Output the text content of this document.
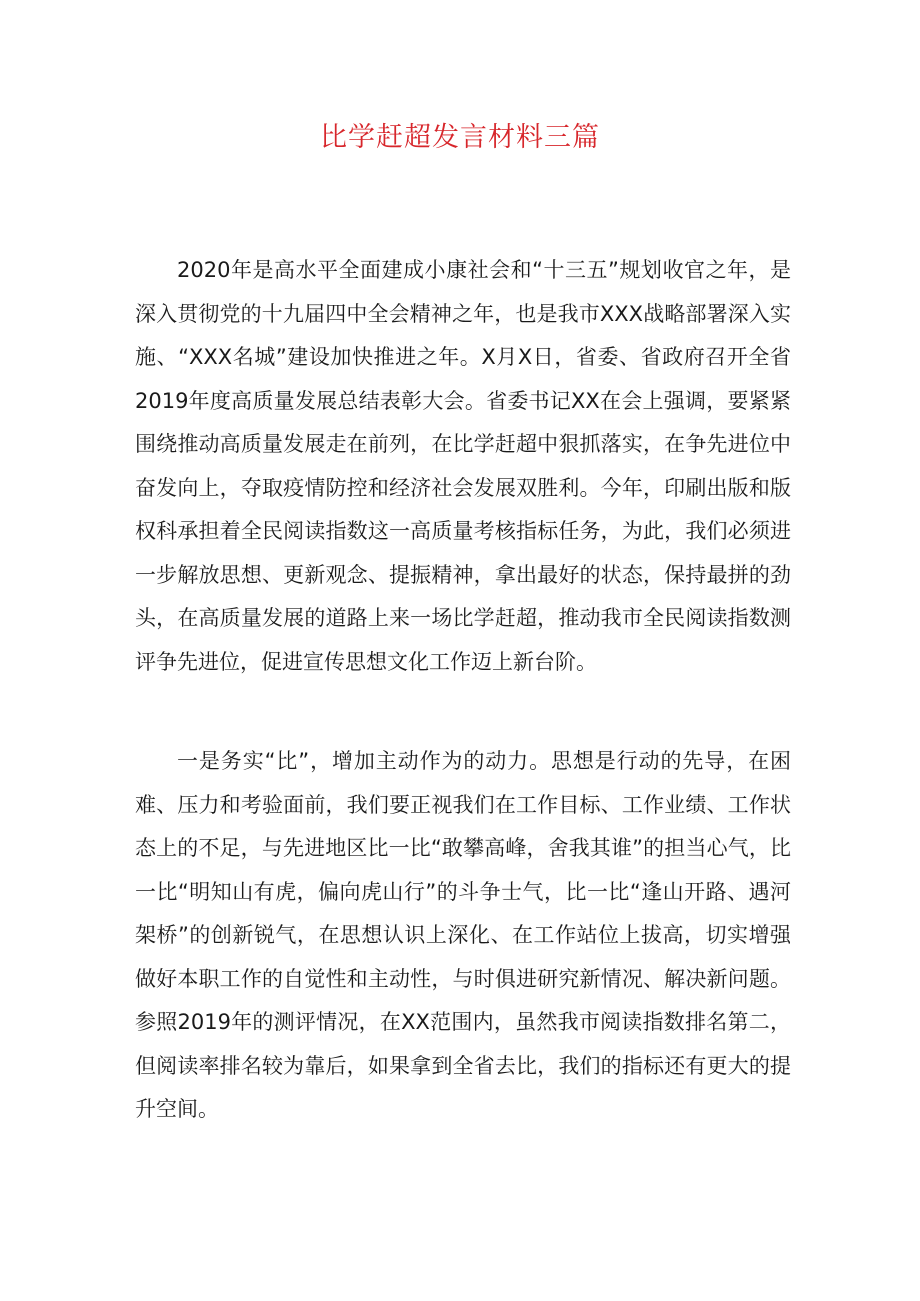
比学赶超发言材料三篇

2020年是高水平全面建成小康社会和“十三五”规划收官之年，是深入贯彻党的十九届四中全会精神之年，也是我市XXX战略部署深入实施、“XXX名城”建设加快推进之年。X月X日，省委、省政府召开全省2019年度高质量发展总结表彰大会。省委书记XX在会上强调，要紧紧围绕推动高质量发展走在前列，在比学赶超中狠抓落实，在争先进位中奋发向上，夺取疫情防控和经济社会发展双胜利。今年，印刷出版和版权科承担着全民阅读指数这一高质量考核指标任务，为此，我们必须进一步解放思想、更新观念、提振精神，拿出最好的状态，保持最拼的劲头，在高质量发展的道路上来一场比学赶超，推动我市全民阅读指数测评争先进位，促进宣传思想文化工作迈上新台阶。

一是务实“比”，增加主动作为的动力。思想是行动的先导，在困难、压力和考验面前，我们要正视我们在工作目标、工作业绩、工作状态上的不足，与先进地区比一比“敢攀高峰，舍我其谁”的担当心气，比一比“明知山有虎，偏向虎山行”的斗争士气，比一比“逢山开路、遇河架桥”的创新锐气，在思想认识上深化、在工作站位上拔高，切实增强做好本职工作的自觉性和主动性，与时俱进研究新情况、解决新问题。参照2019年的测评情况，在XX范围内，虽然我市阅读指数排名第二，但阅读率排名较为靠后，如果拿到全省去比，我们的指标还有更大的提升空间。
